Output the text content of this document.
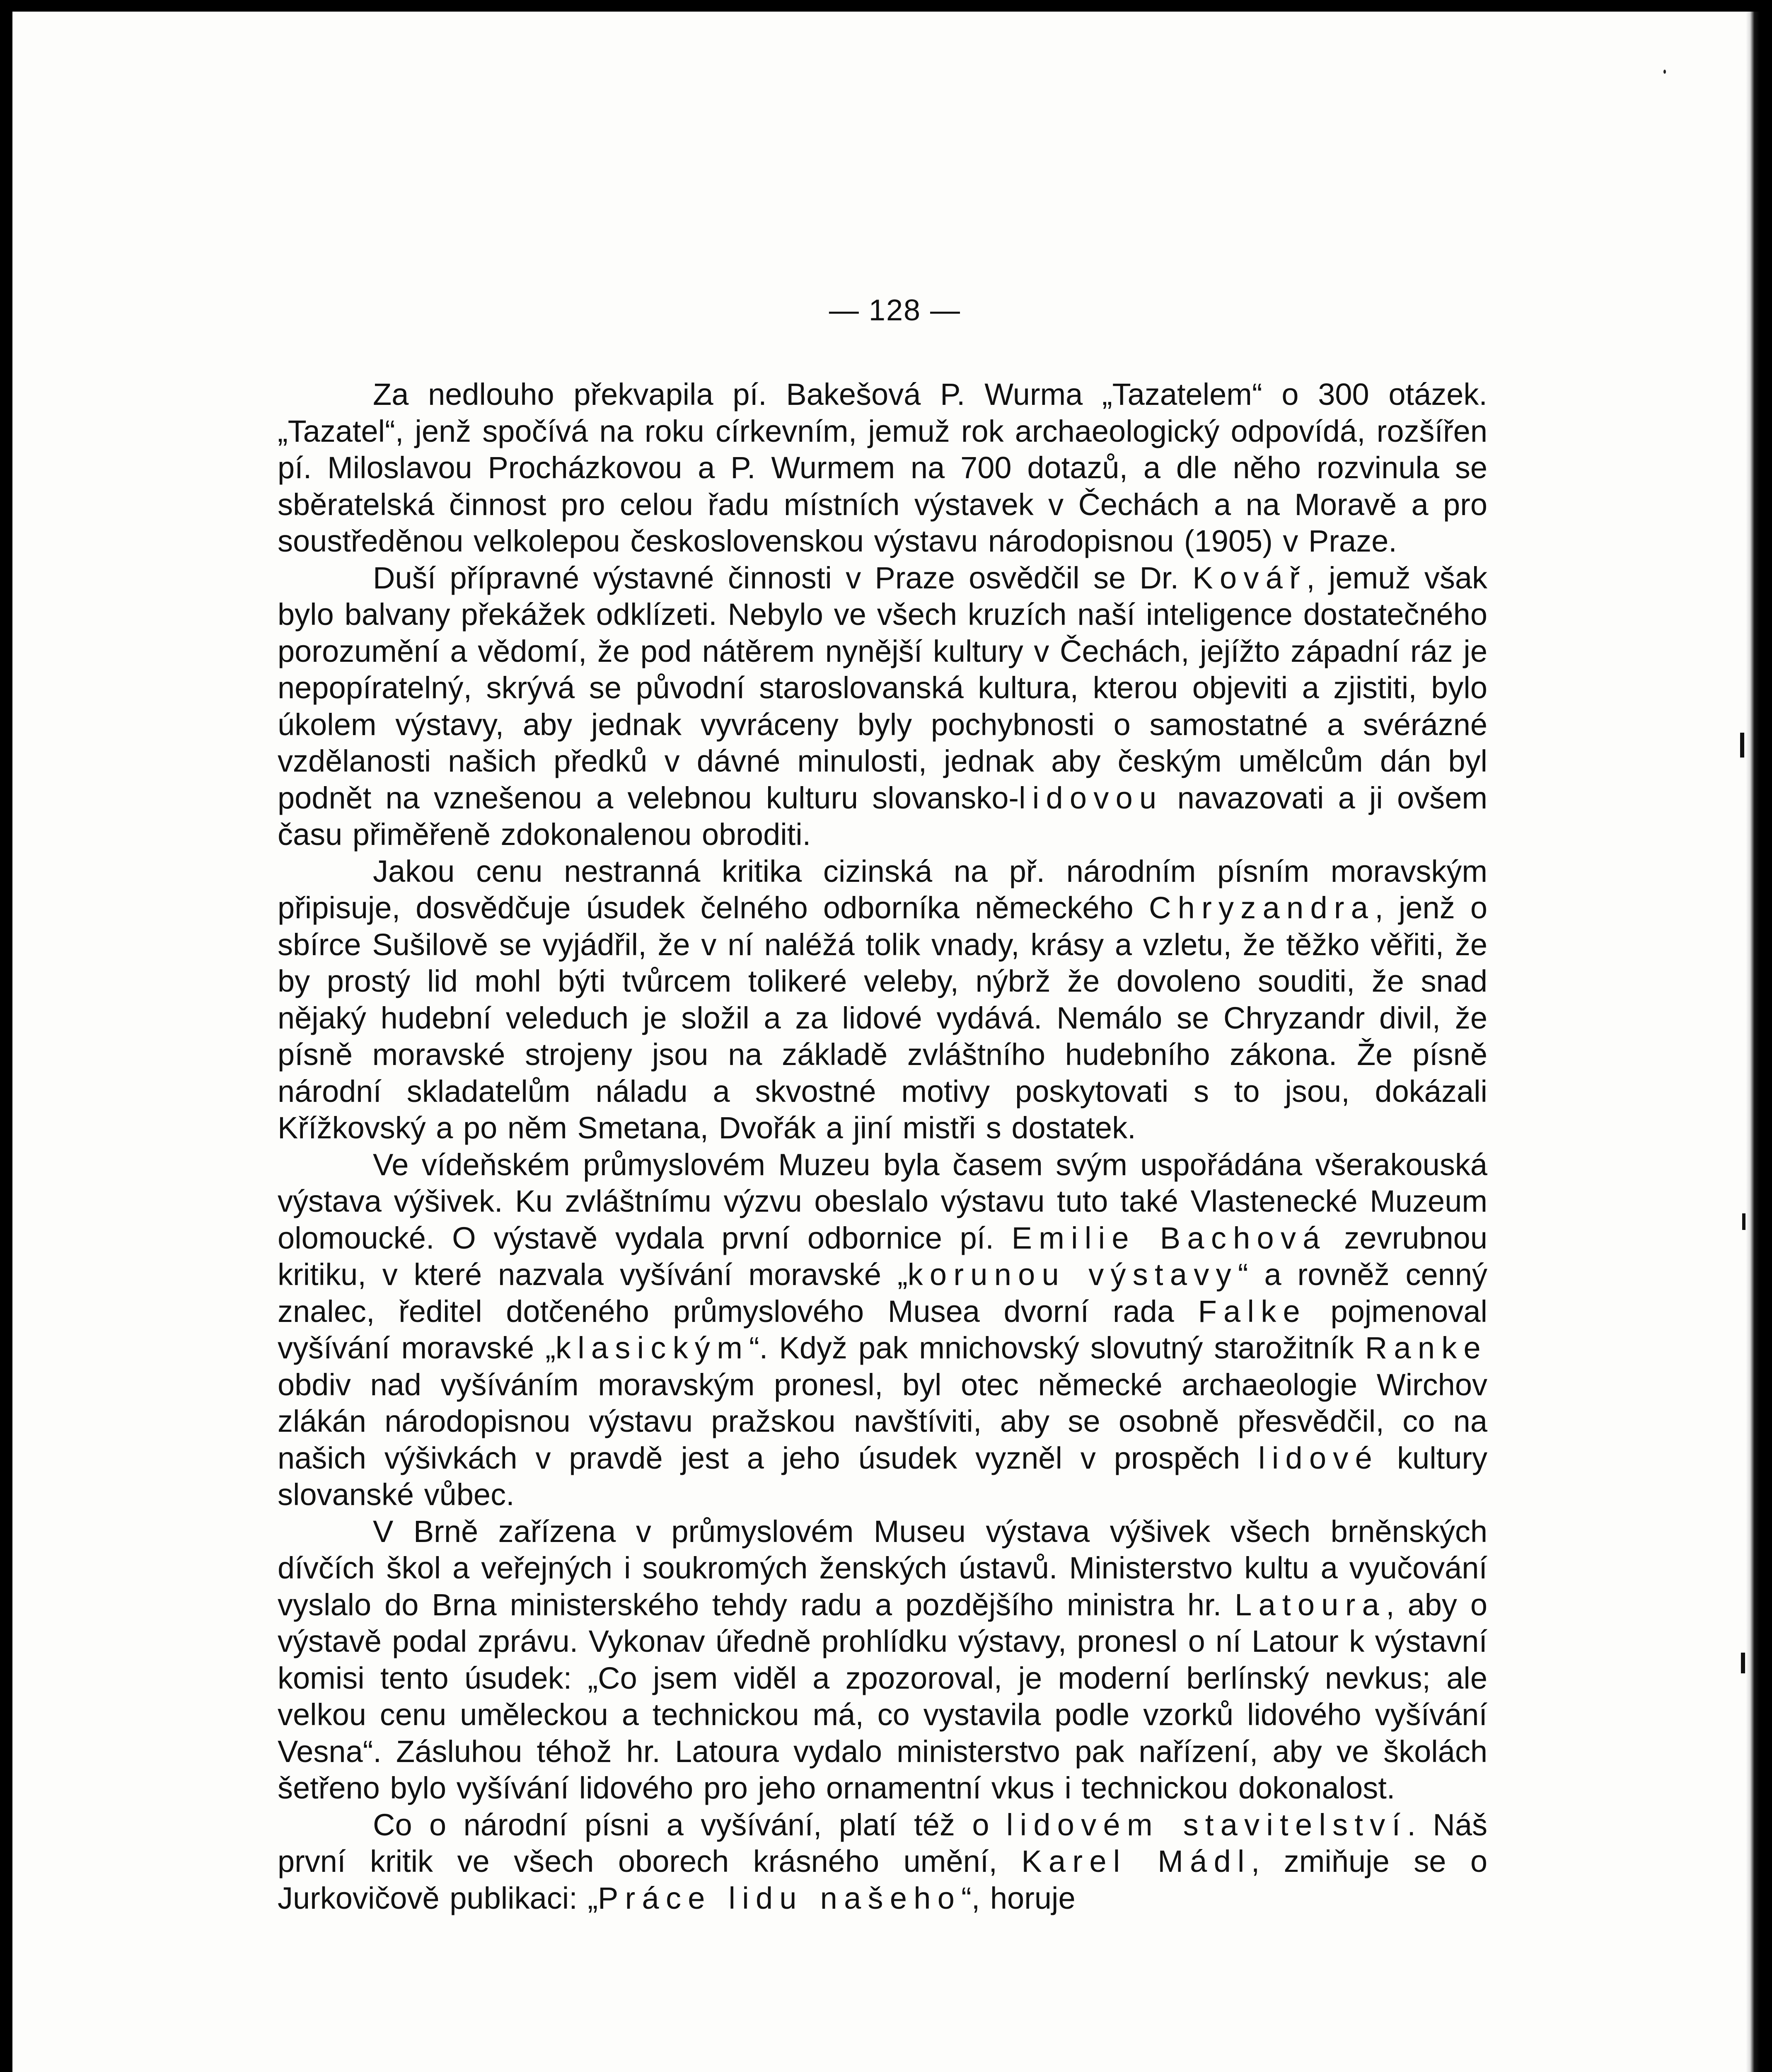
— 128 —

Za nedlouho překvapila pí. Bakešová P. Wurma „Tazatelem“ o 300 otázek. „Tazatel“, jenž spočívá na roku církevním, jemuž rok archaeologický odpovídá, rozšířen pí. Miloslavou Procházkovou a P. Wurmem na 700 dotazů, a dle něho rozvinula se sběratelská činnost pro celou řadu místních výstavek v Čechách a na Moravě a pro soustředěnou velkolepou československou výstavu národopisnou (1905) v Praze.

Duší přípravné výstavné činnosti v Praze osvědčil se Dr. Kovář, jemuž však bylo balvany překážek odklízeti. Nebylo ve všech kruzích naší inteligence dostatečného porozumění a vědomí, že pod nátěrem nynější kultury v Čechách, jejížto západní ráz je nepopíratelný, skrývá se původní staroslovanská kultura, kterou objeviti a zjistiti, bylo úkolem výstavy, aby jednak vyvráceny byly pochybnosti o samostatné a svérázné vzdělanosti našich předků v dávné minulosti, jednak aby českým umělcům dán byl podnět na vznešenou a velebnou kulturu slovansko-lidovou navazovati a ji ovšem času přiměřeně zdokonalenou obroditi.

Jakou cenu nestranná kritika cizinská na př. národním písním moravským připisuje, dosvědčuje úsudek čelného odborníka německého Chryzandra, jenž o sbírce Sušilově se vyjádřil, že v ní naléžá tolik vnady, krásy a vzletu, že těžko věřiti, že by prostý lid mohl býti tvůrcem tolikeré veleby, nýbrž že dovoleno souditi, že snad nějaký hudební veleduch je složil a za lidové vydává. Nemálo se Chryzandr divil, že písně moravské strojeny jsou na základě zvláštního hudebního zákona. Že písně národní skladatelům náladu a skvostné motivy poskytovati s to jsou, dokázali Křížkovský a po něm Smetana, Dvořák a jiní mistři s dostatek.

Ve vídeňském průmyslovém Muzeu byla časem svým uspořádána všerakouská výstava výšivek. Ku zvláštnímu výzvu obeslalo výstavu tuto také Vlastenecké Muzeum olomoucké. O výstavě vydala první odbornice pí. Emilie Bachová zevrubnou kritiku, v které nazvala vyšívání moravské „korunou výstavy“ a rovněž cenný znalec, ředitel dotčeného průmyslového Musea dvorní rada Falke pojmenoval vyšívání moravské „klasickým“. Když pak mnichovský slovutný starožitník Ranke obdiv nad vyšíváním moravským pronesl, byl otec německé archaeologie Wirchov zlákán národopisnou výstavu pražskou navštíviti, aby se osobně přesvědčil, co na našich výšivkách v pravdě jest a jeho úsudek vyzněl v prospěch lidové kultury slovanské vůbec.

V Brně zařízena v průmyslovém Museu výstava výšivek všech brněnských dívčích škol a veřejných i soukromých ženských ústavů. Ministerstvo kultu a vyučování vyslalo do Brna ministerského tehdy radu a pozdějšího ministra hr. Latoura, aby o výstavě podal zprávu. Vykonav úředně prohlídku výstavy, pronesl o ní Latour k výstavní komisi tento úsudek: „Co jsem viděl a zpozoroval, je moderní berlínský nevkus; ale velkou cenu uměleckou a technickou má, co vystavila podle vzorků lidového vyšívání Vesna“. Zásluhou téhož hr. Latoura vydalo ministerstvo pak nařízení, aby ve školách šetřeno bylo vyšívání lidového pro jeho ornamentní vkus i technickou dokonalost.

Co o národní písni a vyšívání, platí též o lidovém stavitelství. Náš první kritik ve všech oborech krásného umění, Karel Mádl, zmiňuje se o Jurkovičově publikaci: „Práce lidu našeho“, horuje
